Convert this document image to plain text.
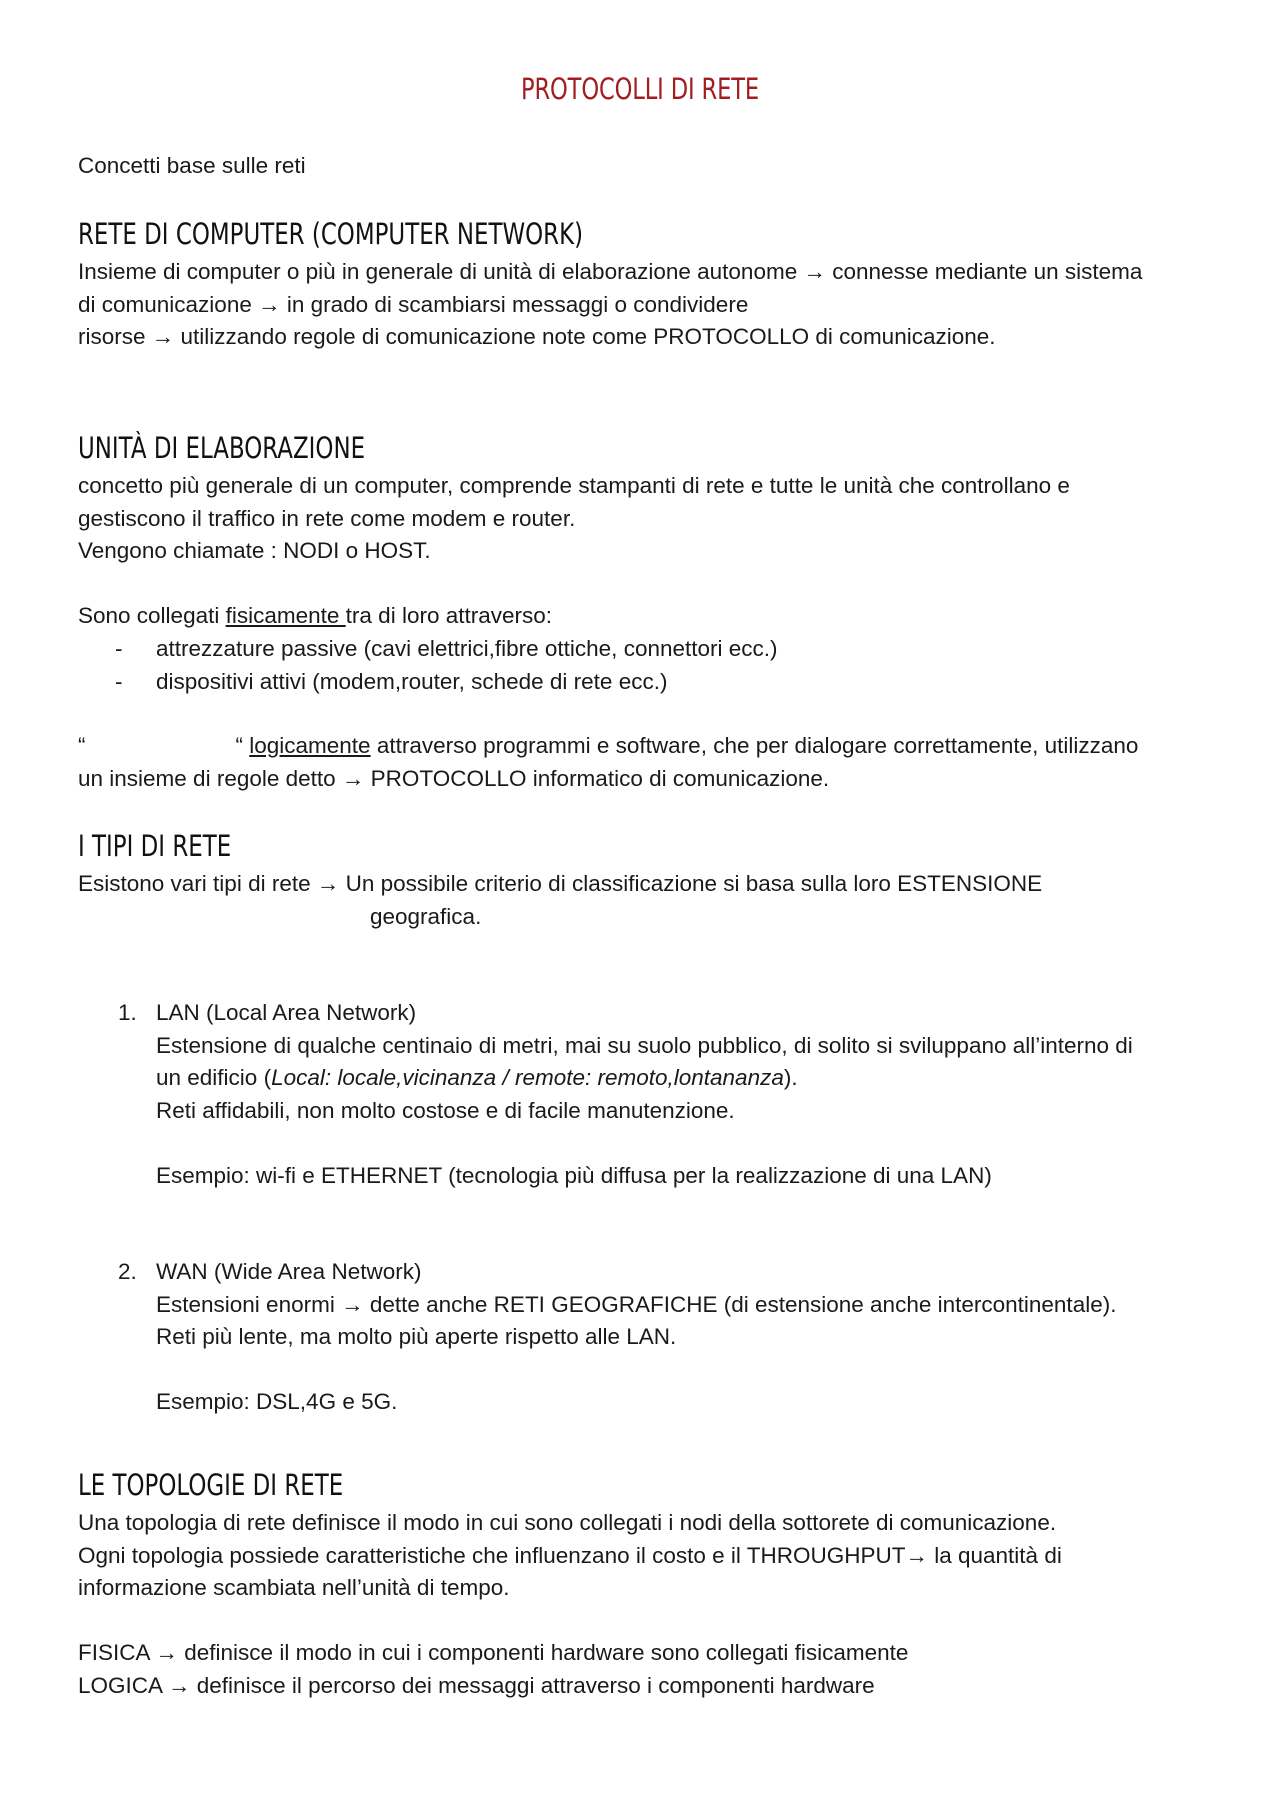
PROTOCOLLI DI RETE

Concetti base sulle reti

RETE DI COMPUTER (COMPUTER NETWORK)

Insieme di computer o più in generale di unità di elaborazione autonome → connesse mediante un sistema
di comunicazione → in grado di scambiarsi messaggi o condividere
risorse → utilizzando regole di comunicazione note come PROTOCOLLO di comunicazione.

UNITÀ DI ELABORAZIONE

concetto più generale di un computer, comprende stampanti di rete e tutte le unità che controllano e
gestiscono il traffico in rete come modem e router.
Vengono chiamate : NODI o HOST.

Sono collegati fisicamente tra di loro attraverso:

- attrezzature passive (cavi elettrici,fibre ottiche, connettori ecc.)
- dispositivi attivi (modem,router, schede di rete ecc.)

“	“ logicamente attraverso programmi e software, che per dialogare correttamente, utilizzano
un insieme di regole detto → PROTOCOLLO informatico di comunicazione.

I TIPI DI RETE

Esistono vari tipi di rete → Un possibile criterio di classificazione si basa sulla loro ESTENSIONE
geografica.

1. LAN (Local Area Network)
Estensione di qualche centinaio di metri, mai su suolo pubblico, di solito si sviluppano all’interno di
un edificio (Local: locale,vicinanza / remote: remoto,lontananza).
Reti affidabili, non molto costose e di facile manutenzione.
Esempio: wi-fi e ETHERNET (tecnologia più diffusa per la realizzazione di una LAN)
2. WAN (Wide Area Network)
Estensioni enormi → dette anche RETI GEOGRAFICHE (di estensione anche intercontinentale).
Reti più lente, ma molto più aperte rispetto alle LAN.
Esempio: DSL,4G e 5G.
LE TOPOLOGIE DI RETE

Una topologia di rete definisce il modo in cui sono collegati i nodi della sottorete di comunicazione.
Ogni topologia possiede caratteristiche che influenzano il costo e il THROUGHPUT→ la quantità di
informazione scambiata nell’unità di tempo.

FISICA → definisce il modo in cui i componenti hardware sono collegati fisicamente
LOGICA → definisce il percorso dei messaggi attraverso i componenti hardware
